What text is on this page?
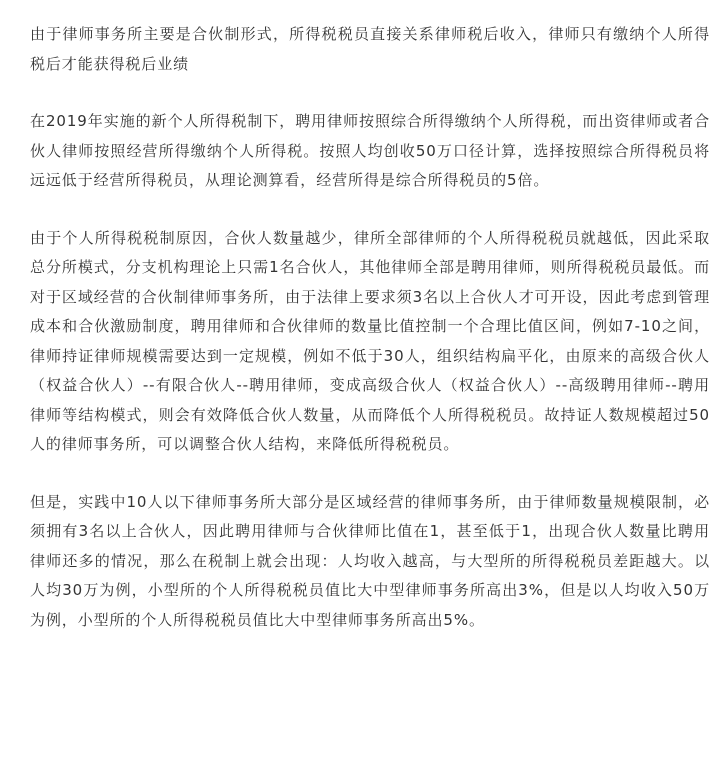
由于律师事务所主要是合伙制形式，所得税税员直接关系律师税后收入，律师只有缴纳个人所得税后才能获得税后业绩

在2019年实施的新个人所得税制下，聘用律师按照综合所得缴纳个人所得税，而出资律师或者合伙人律师按照经营所得缴纳个人所得税。按照人均创收50万口径计算，选择按照综合所得税员将远远低于经营所得税员，从理论测算看，经营所得是综合所得税员的5倍。

由于个人所得税税制原因，合伙人数量越少，律所全部律师的个人所得税税员就越低，因此采取总分所模式，分支机构理论上只需1名合伙人，其他律师全部是聘用律师，则所得税税员最低。而对于区域经营的合伙制律师事务所，由于法律上要求须3名以上合伙人才可开设，因此考虑到管理成本和合伙激励制度，聘用律师和合伙律师的数量比值控制一个合理比值区间，例如7-10之间，律师持证律师规模需要达到一定规模，例如不低于30人，组织结构扁平化，由原来的高级合伙人（权益合伙人）--有限合伙人--聘用律师，变成高级合伙人（权益合伙人）--高级聘用律师--聘用律师等结构模式，则会有效降低合伙人数量，从而降低个人所得税税员。故持证人数规模超过50人的律师事务所，可以调整合伙人结构，来降低所得税税员。

但是，实践中10人以下律师事务所大部分是区域经营的律师事务所，由于律师数量规模限制，必须拥有3名以上合伙人，因此聘用律师与合伙律师比值在1，甚至低于1，出现合伙人数量比聘用律师还多的情况，那么在税制上就会出现：人均收入越高，与大型所的所得税税员差距越大。以人均30万为例，小型所的个人所得税税员值比大中型律师事务所高出3%，但是以人均收入50万为例，小型所的个人所得税税员值比大中型律师事务所高出5%。
